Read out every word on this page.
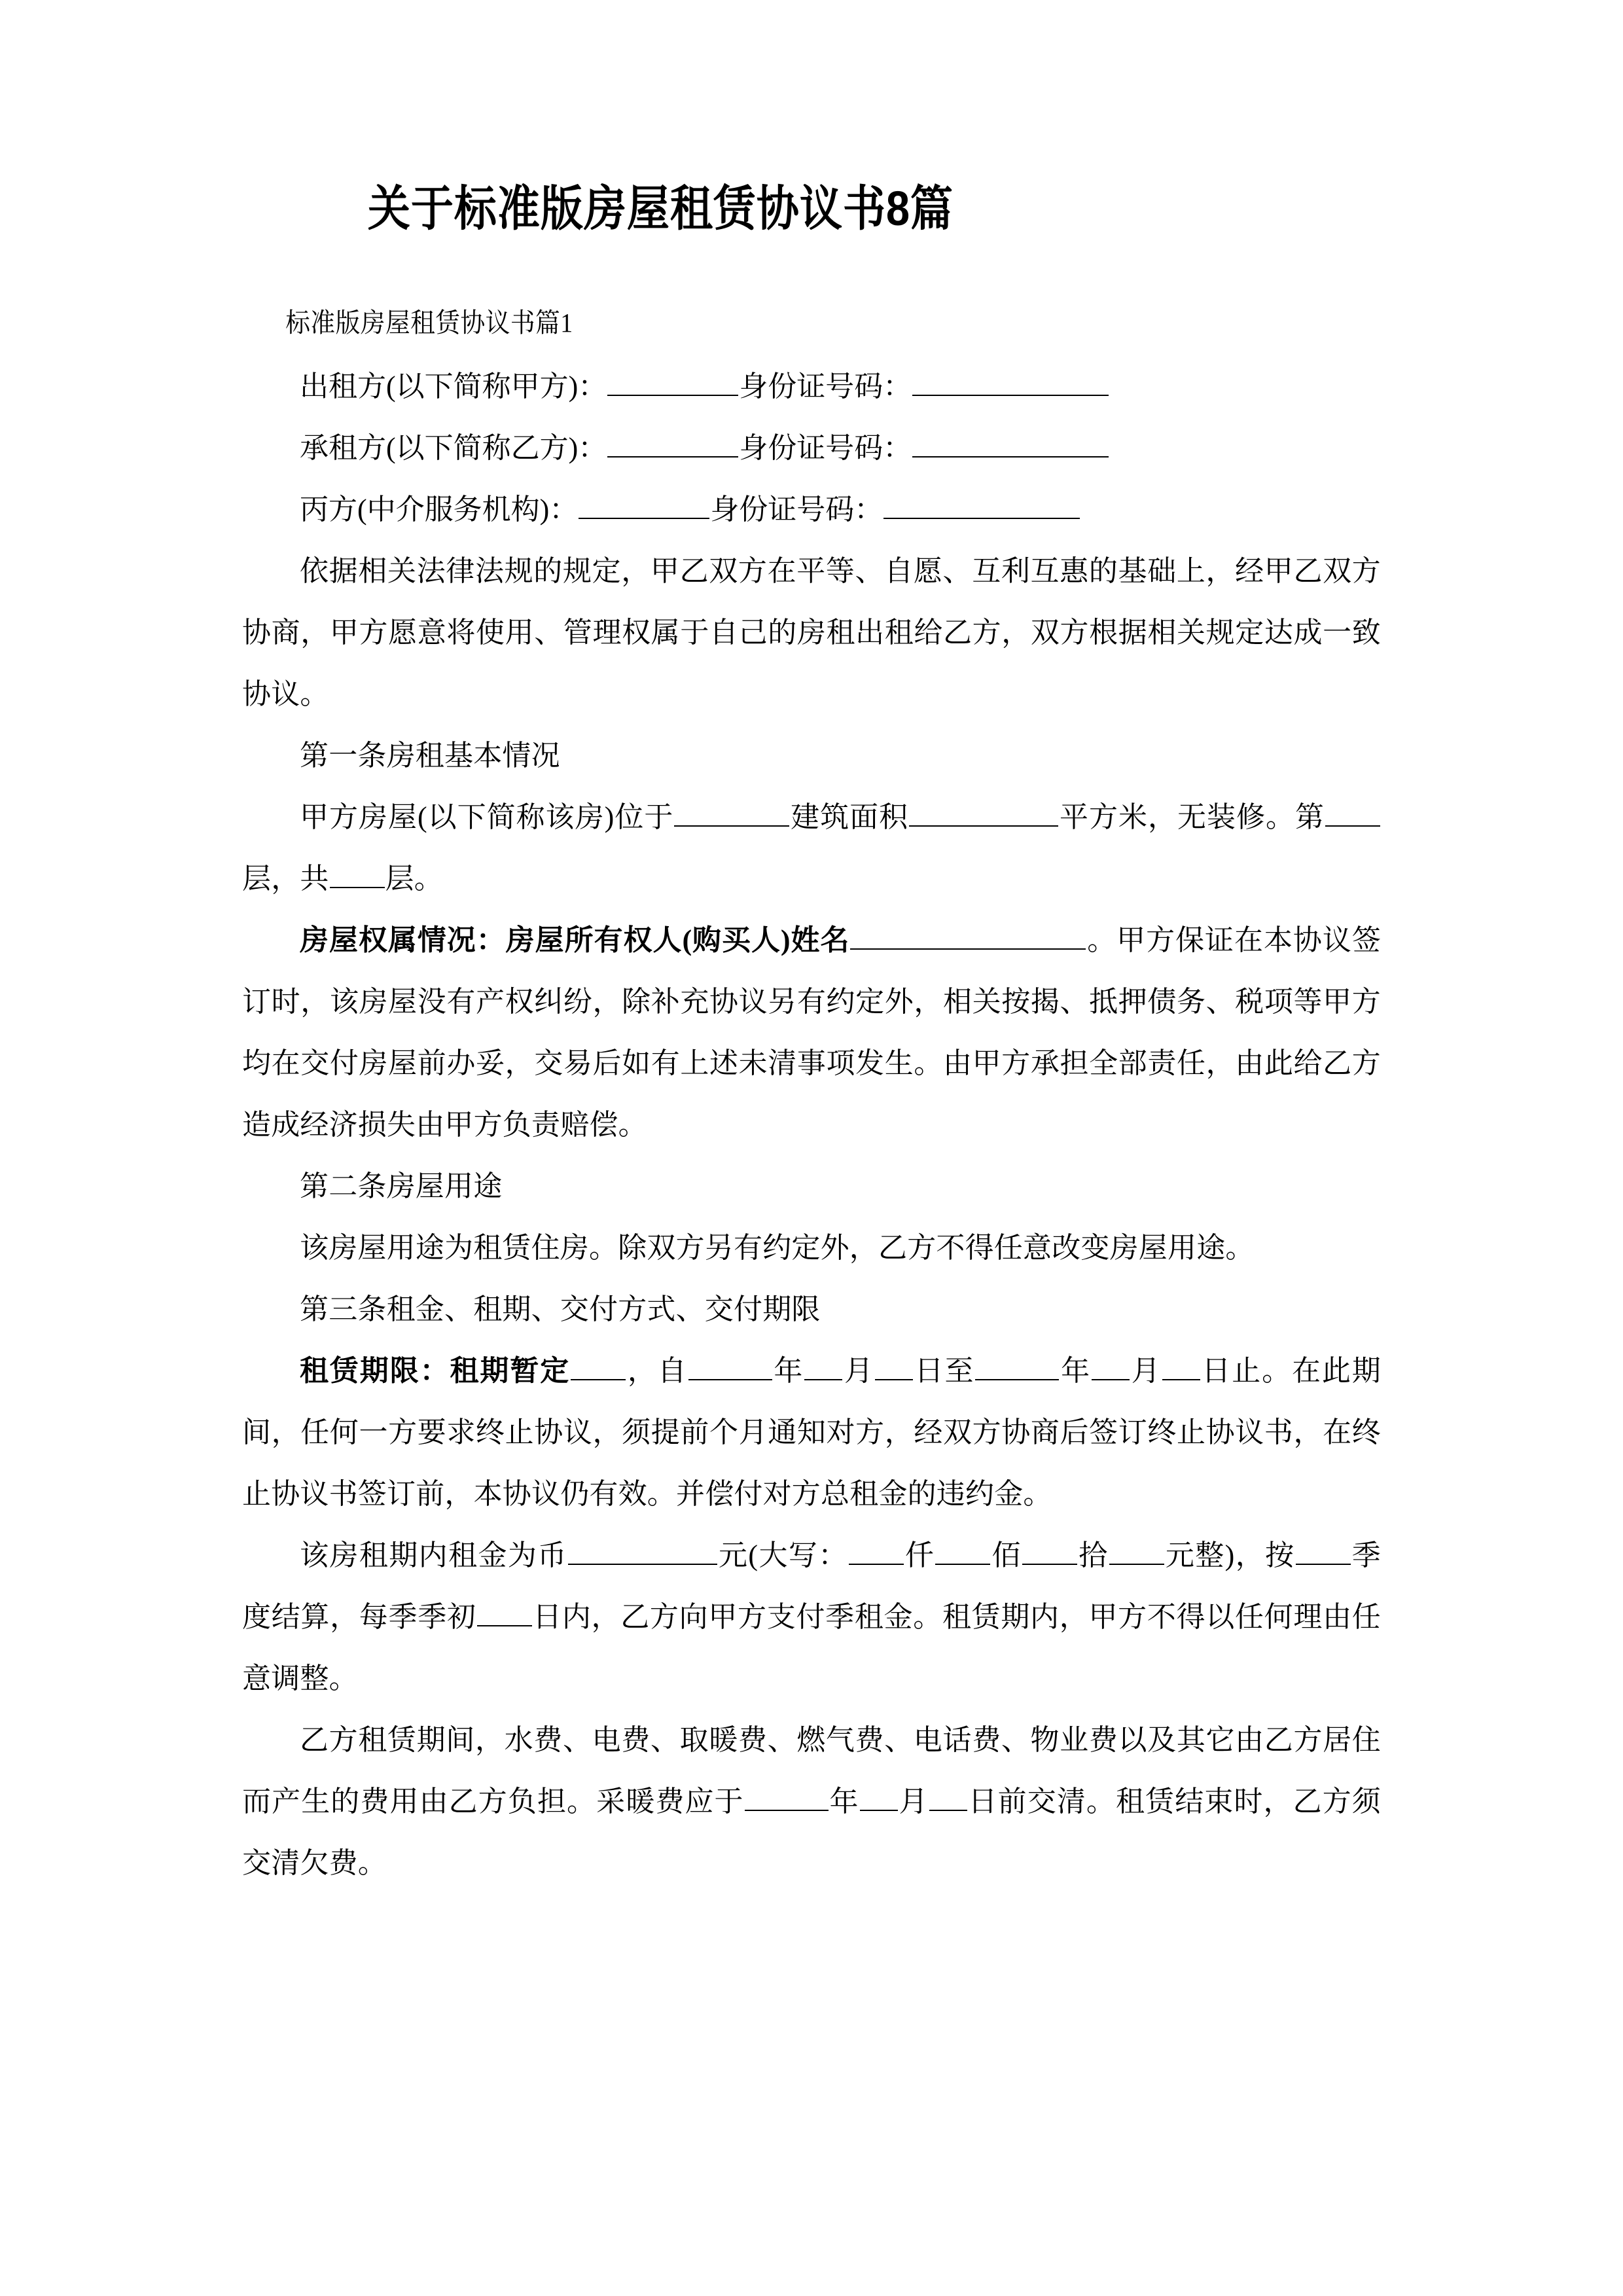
关于标准版房屋租赁协议书8篇

标准版房屋租赁协议书篇1

出租方(以下简称甲方)：	身份证号码：
承租方(以下简称乙方)：	身份证号码：
丙方(中介服务机构)：	身份证号码：

依据相关法律法规的规定，甲乙双方在平等、自愿、互利互惠的基础上，经甲乙双方协商，甲方愿意将使用、管理权属于自己的房租出租给乙方，双方根据相关规定达成一致协议。

第一条房租基本情况

甲方房屋(以下简称该房)位于	建筑面积	平方米，无装修。第层，共 层。

房屋权属情况：房屋所有权人(购买人)姓名	。甲方保证在本协议签订时，该房屋没有产权纠纷，除补充协议另有约定外，相关按揭、抵押债务、税项等甲方均在交付房屋前办妥，交易后如有上述未清事项发生。由甲方承担全部责任，由此给乙方造成经济损失由甲方负责赔偿。

第二条房屋用途

该房屋用途为租赁住房。除双方另有约定外，乙方不得任意改变房屋用途。

第三条租金、租期、交付方式、交付期限

租赁期限：租期暂定 ，自	年 月 日至	年 月 日止。在此期间，任何一方要求终止协议，须提前个月通知对方，经双方协商后签订终止协议书，在终止协议书签订前，本协议仍有效。并偿付对方总租金的违约金。

该房租期内租金为币	元(大写： 仟 佰 拾 元整)，按 季度结算，每季季初 日内，乙方向甲方支付季租金。租赁期内，甲方不得以任何理由任意调整。

乙方租赁期间，水费、电费、取暖费、燃气费、电话费、物业费以及其它由乙方居住而产生的费用由乙方负担。采暖费应于	年 月 日前交清。租赁结束时，乙方须交清欠费。
